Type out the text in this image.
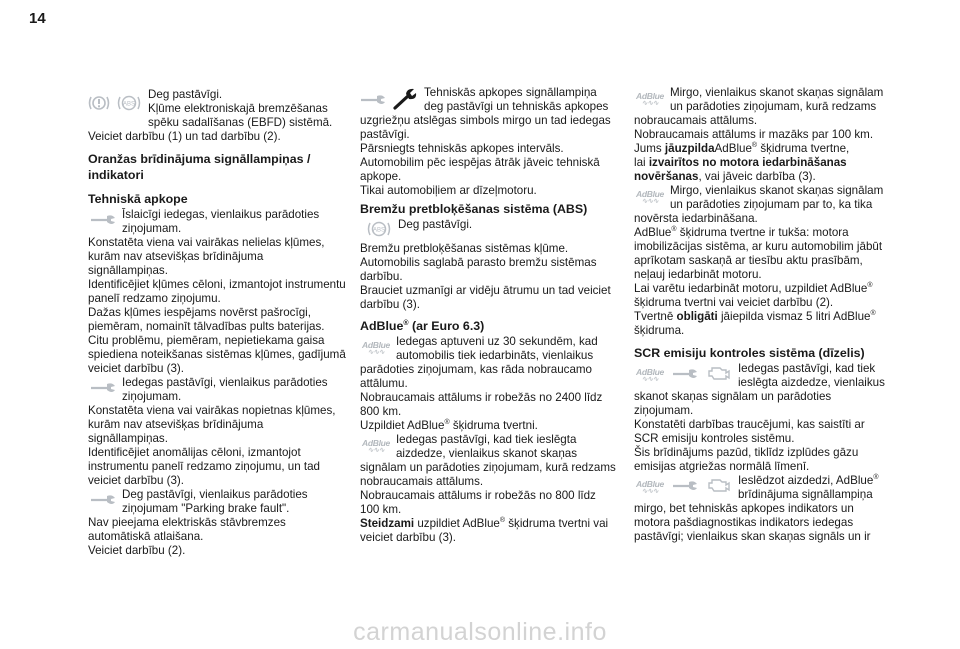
14
ABS

Deg pastāvīgi.

Kļūme elektroniskajā bremzēšanas

spēku sadalīšanas (EBFD) sistēmā.

Veiciet darbību (1) un tad darbību (2).

Oranžas brīdinājuma signāllampiņas / indikatori
Tehniskā apkope

Īslaicīgi iedegas, vienlaikus parādoties ziņojumam.

Konstatēta viena vai vairākas nelielas kļūmes, kurām nav atsevišķas brīdinājuma signāllampiņas.
Identificējiet kļūmes cēloni, izmantojot instrumentu panelī redzamo ziņojumu.
Dažas kļūmes iespējams novērst pašrocīgi, piemēram, nomainīt tālvadības pults baterijas.
Citu problēmu, piemēram, nepietiekama gaisa spiediena noteikšanas sistēmas kļūmes, gadījumā veiciet darbību (3).

Iedegas pastāvīgi, vienlaikus parādoties ziņojumam.

Konstatēta viena vai vairākas nopietnas kļūmes, kurām nav atsevišķas brīdinājuma signāllampiņas.
Identificējiet anomālijas cēloni, izmantojot instrumentu panelī redzamo ziņojumu, un tad veiciet darbību (3).

Deg pastāvīgi, vienlaikus parādoties ziņojumam "Parking brake fault".

Nav pieejama elektriskās stāvbremzes automātiskā atlaišana.
Veiciet darbību (2).

Tehniskās apkopes signāllampiņa deg pastāvīgi un tehniskās apkopes uzgriežņu atslēgas simbols mirgo un tad iedegas pastāvīgi.

Pārsniegts tehniskās apkopes intervāls.
Automobilim pēc iespējas ātrāk jāveic tehniskā apkope.
Tikai automobiļiem ar dīzeļmotoru.

Bremžu pretbloķēšanas sistēma (ABS)
ABS	Deg pastāvīgi.

Bremžu pretbloķēšanas sistēmas kļūme.
Automobilis saglabā parasto bremžu sistēmas darbību.
Brauciet uzmanīgi ar vidēju ātrumu un tad veiciet darbību (3).

AdBlue® (ar Euro 6.3)
AdBlue
∿∿∿

Iedegas aptuveni uz 30 sekundēm, kad automobilis tiek iedarbināts, vienlaikus parādoties ziņojumam, kas rāda nobraucamo attālumu.

Nobraucamais attālums ir robežās no 2400 līdz 800 km.

Uzpildiet AdBlue® šķidruma tvertni.

AdBlue
∿∿∿

Iedegas pastāvīgi, kad tiek ieslēgta aizdedze, vienlaikus skanot skaņas signālam un parādoties ziņojumam, kurā redzams nobraucamais attālums.

Nobraucamais attālums ir robežās no 800 līdz 100 km.

Steidzami uzpildiet AdBlue® šķidruma tvertni vai veiciet darbību (3).

AdBlue
∿∿∿

Mirgo, vienlaikus skanot skaņas signālam un parādoties ziņojumam, kurā redzams nobraucamais attālums.

Nobraucamais attālums ir mazāks par 100 km.

Jums jāuzpildaAdBlue® šķidruma tvertne,

lai izvairītos no motora iedarbināšanas novēršanas, vai jāveic darbība (3).

AdBlue
∿∿∿

Mirgo, vienlaikus skanot skaņas signālam un parādoties ziņojumam par to, ka tika novērsta iedarbināšana.

AdBlue® šķidruma tvertne ir tukša: motora imobilizācijas sistēma, ar kuru automobilim jābūt aprīkotam saskaņā ar tiesību aktu prasībām, neļauj iedarbināt motoru.

Lai varētu iedarbināt motoru, uzpildiet AdBlue® šķidruma tvertni vai veiciet darbību (2).

Tvertnē obligāti jāiepilda vismaz 5 litri AdBlue® šķidruma.

SCR emisiju kontroles sistēma (dīzelis)
AdBlue
∿∿∿

Iedegas pastāvīgi, kad tiek ieslēgta aizdedze, vienlaikus skanot skaņas signālam un parādoties ziņojumam.

Konstatēti darbības traucējumi, kas saistīti ar SCR emisiju kontroles sistēmu.
Šis brīdinājums pazūd, tiklīdz izplūdes gāzu emisijas atgriežas normālā līmenī.

AdBlue
∿∿∿

Ieslēdzot aizdedzi, AdBlue® brīdinājuma signāllampiņa mirgo, bet tehniskās apkopes indikators un motora pašdiagnostikas indikators iedegas pastāvīgi; vienlaikus skan skaņas signāls un ir

carmanualsonline.info
